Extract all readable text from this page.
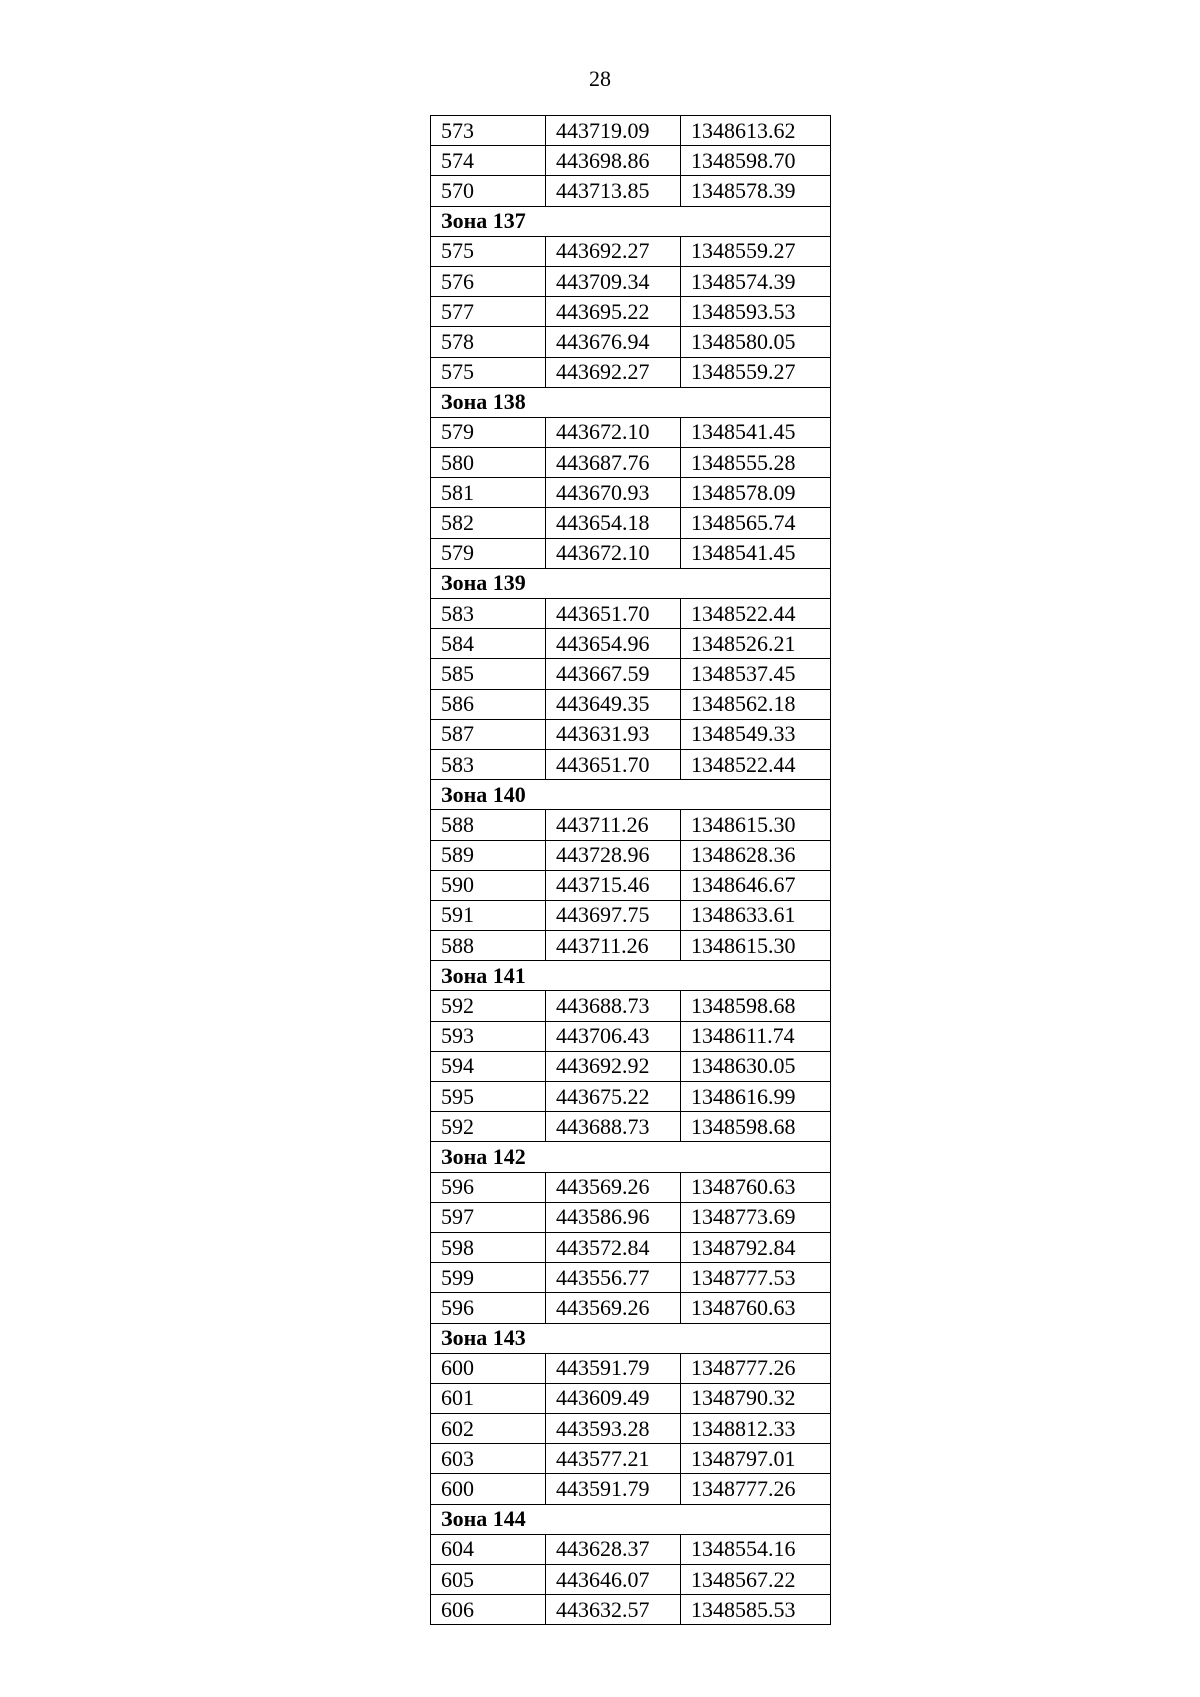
28
573	443719.09	1348613.62
574	443698.86	1348598.70
570	443713.85	1348578.39
Зона 137		
575	443692.27	1348559.27
576	443709.34	1348574.39
577	443695.22	1348593.53
578	443676.94	1348580.05
575	443692.27	1348559.27
Зона 138		
579	443672.10	1348541.45
580	443687.76	1348555.28
581	443670.93	1348578.09
582	443654.18	1348565.74
579	443672.10	1348541.45
Зона 139		
583	443651.70	1348522.44
584	443654.96	1348526.21
585	443667.59	1348537.45
586	443649.35	1348562.18
587	443631.93	1348549.33
583	443651.70	1348522.44
Зона 140		
588	443711.26	1348615.30
589	443728.96	1348628.36
590	443715.46	1348646.67
591	443697.75	1348633.61
588	443711.26	1348615.30
Зона 141		
592	443688.73	1348598.68
593	443706.43	1348611.74
594	443692.92	1348630.05
595	443675.22	1348616.99
592	443688.73	1348598.68
Зона 142		
596	443569.26	1348760.63
597	443586.96	1348773.69
598	443572.84	1348792.84
599	443556.77	1348777.53
596	443569.26	1348760.63
Зона 143		
600	443591.79	1348777.26
601	443609.49	1348790.32
602	443593.28	1348812.33
603	443577.21	1348797.01
600	443591.79	1348777.26
Зона 144		
604	443628.37	1348554.16
605	443646.07	1348567.22
606	443632.57	1348585.53
